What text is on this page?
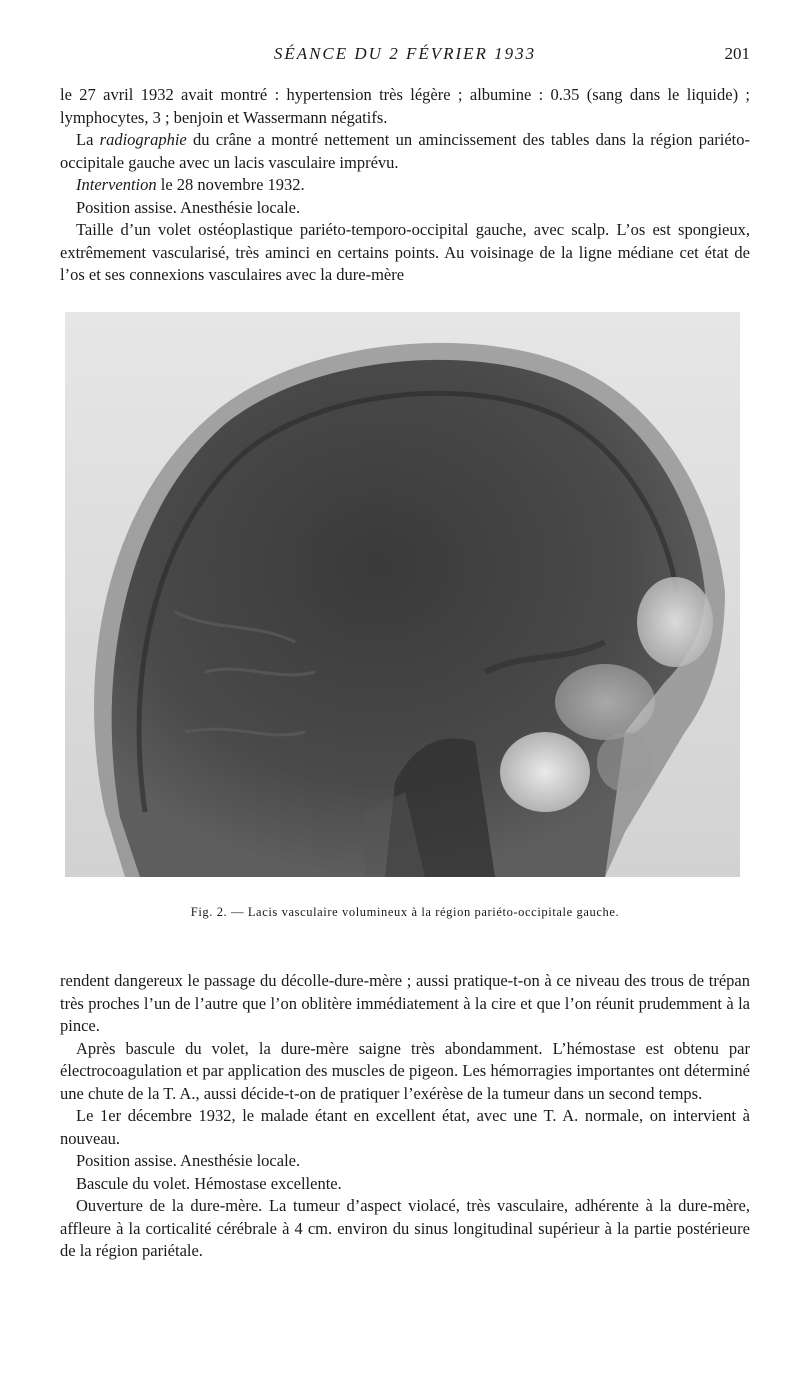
SÉANCE DU 2 FÉVRIER 1933	201

le 27 avril 1932 avait montré : hypertension très légère ; albumine : 0.35 (sang dans le liquide) ; lymphocytes, 3 ; benjoin et Wassermann négatifs.

La radiographie du crâne a montré nettement un amincissement des tables dans la région pariéto-occipitale gauche avec un lacis vasculaire imprévu.

Intervention le 28 novembre 1932.

Position assise. Anesthésie locale.

Taille d’un volet ostéoplastique pariéto-temporo-occipital gauche, avec scalp. L’os est spongieux, extrêmement vascularisé, très aminci en certains points. Au voisinage de la ligne médiane cet état de l’os et ses connexions vasculaires avec la dure-mère

Fig. 2. — Lacis vasculaire volumineux à la région pariéto-occipitale gauche.

rendent dangereux le passage du décolle-dure-mère ; aussi pratique-t-on à ce niveau des trous de trépan très proches l’un de l’autre que l’on oblitère immédiatement à la cire et que l’on réunit prudemment à la pince.

Après bascule du volet, la dure-mère saigne très abondamment. L’hémostase est obtenu par électrocoagulation et par application des muscles de pigeon. Les hémorragies importantes ont déterminé une chute de la T. A., aussi décide-t-on de pratiquer l’exérèse de la tumeur dans un second temps.

Le 1er décembre 1932, le malade étant en excellent état, avec une T. A. normale, on intervient à nouveau.

Position assise. Anesthésie locale.

Bascule du volet. Hémostase excellente.

Ouverture de la dure-mère. La tumeur d’aspect violacé, très vasculaire, adhérente à la dure-mère, affleure à la corticalité cérébrale à 4 cm. environ du sinus longitudinal supérieur à la partie postérieure de la région pariétale.
